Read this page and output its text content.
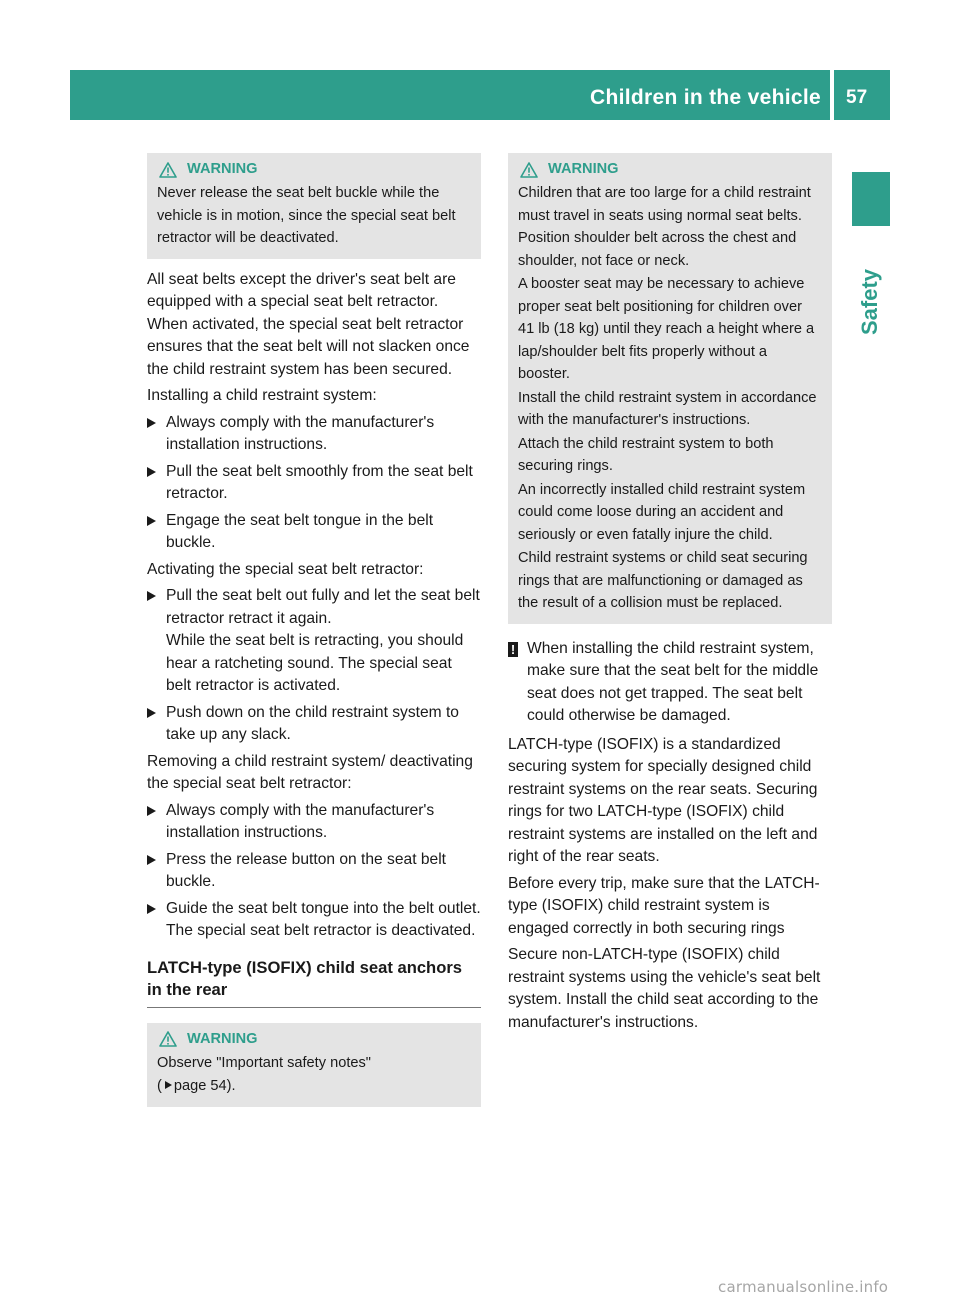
Children in the vehicle 57
Safety
WARNING

Never release the seat belt buckle while the vehicle is in motion, since the special seat belt retractor will be deactivated.

All seat belts except the driver's seat belt are equipped with a special seat belt retractor. When activated, the special seat belt retractor ensures that the seat belt will not slacken once the child restraint system has been secured.

Installing a child restraint system:

Always comply with the manufacturer's installation instructions.
Pull the seat belt smoothly from the seat belt retractor.
Engage the seat belt tongue in the belt buckle.

Activating the special seat belt retractor:

Pull the seat belt out fully and let the seat belt retractor retract it again.
While the seat belt is retracting, you should hear a ratcheting sound. The special seat belt retractor is activated.
Push down on the child restraint system to take up any slack.

Removing a child restraint system/ deactivating the special seat belt retractor:

Always comply with the manufacturer's installation instructions.
Press the release button on the seat belt buckle.
Guide the seat belt tongue into the belt outlet.
The special seat belt retractor is deactivated.
LATCH-type (ISOFIX) child seat anchors in the rear
WARNING

Observe "Important safety notes"

( page 54).

WARNING

Children that are too large for a child restraint must travel in seats using normal seat belts. Position shoulder belt across the chest and shoulder, not face or neck.

A booster seat may be necessary to achieve proper seat belt positioning for children over 41 lb (18 kg) until they reach a height where a lap/shoulder belt fits properly without a booster.

Install the child restraint system in accordance with the manufacturer's instructions.

Attach the child restraint system to both securing rings.

An incorrectly installed child restraint system could come loose during an accident and seriously or even fatally injure the child.

Child restraint systems or child seat securing rings that are malfunctioning or damaged as the result of a collision must be replaced.

! When installing the child restraint system, make sure that the seat belt for the middle seat does not get trapped. The seat belt could otherwise be damaged.

LATCH-type (ISOFIX) is a standardized securing system for specially designed child restraint systems on the rear seats. Securing rings for two LATCH-type (ISOFIX) child restraint systems are installed on the left and right of the rear seats.

Before every trip, make sure that the LATCH-type (ISOFIX) child restraint system is engaged correctly in both securing rings

Secure non-LATCH-type (ISOFIX) child restraint systems using the vehicle's seat belt system. Install the child seat according to the manufacturer's instructions.

carmanualsonline.info
